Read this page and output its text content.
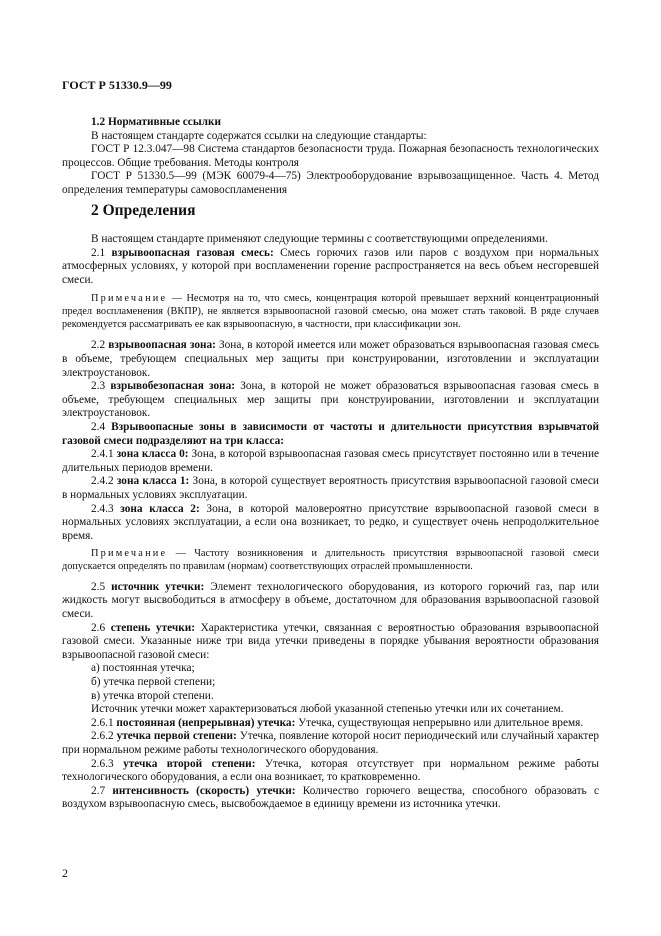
ГОСТ Р 51330.9—99
1.2 Нормативные ссылки
В настоящем стандарте содержатся ссылки на следующие стандарты:
ГОСТ Р 12.3.047—98 Система стандартов безопасности труда. Пожарная безопасность технологических процессов. Общие требования. Методы контроля
ГОСТ Р 51330.5—99 (МЭК 60079-4—75) Электрооборудование взрывозащищенное. Часть 4. Метод определения температуры самовоспламенения
2 Определения
В настоящем стандарте применяют следующие термины с соответствующими определениями.
2.1 взрывоопасная газовая смесь: Смесь горючих газов или паров с воздухом при нормальных атмосферных условиях, у которой при воспламенении горение распространяется на весь объем несгоревшей смеси.
Примечание — Несмотря на то, что смесь, концентрация которой превышает верхний концентрационный предел воспламенения (ВКПР), не является взрывоопасной газовой смесью, она может стать таковой. В ряде случаев рекомендуется рассматривать ее как взрывоопасную, в частности, при классификации зон.
2.2 взрывоопасная зона: Зона, в которой имеется или может образоваться взрывоопасная газовая смесь в объеме, требующем специальных мер защиты при конструировании, изготовлении и эксплуатации электроустановок.
2.3 взрывобезопасная зона: Зона, в которой не может образоваться взрывоопасная газовая смесь в объеме, требующем специальных мер защиты при конструировании, изготовлении и эксплуатации электроустановок.
2.4 Взрывоопасные зоны в зависимости от частоты и длительности присутствия взрывчатой газовой смеси подразделяют на три класса:
2.4.1 зона класса 0: Зона, в которой взрывоопасная газовая смесь присутствует постоянно или в течение длительных периодов времени.
2.4.2 зона класса 1: Зона, в которой существует вероятность присутствия взрывоопасной газовой смеси в нормальных условиях эксплуатации.
2.4.3 зона класса 2: Зона, в которой маловероятно присутствие взрывоопасной газовой смеси в нормальных условиях эксплуатации, а если она возникает, то редко, и существует очень непродолжительное время.
Примечание — Частоту возникновения и длительность присутствия взрывоопасной газовой смеси допускается определять по правилам (нормам) соответствующих отраслей промышленности.
2.5 источник утечки: Элемент технологического оборудования, из которого горючий газ, пар или жидкость могут высвободиться в атмосферу в объеме, достаточном для образования взрывоопасной газовой смеси.
2.6 степень утечки: Характеристика утечки, связанная с вероятностью образования взрывоопасной газовой смеси. Указанные ниже три вида утечки приведены в порядке убывания вероятности образования взрывоопасной газовой смеси:
а) постоянная утечка;
б) утечка первой степени;
в) утечка второй степени.
Источник утечки может характеризоваться любой указанной степенью утечки или их сочетанием.
2.6.1 постоянная (непрерывная) утечка: Утечка, существующая непрерывно или длительное время.
2.6.2 утечка первой степени: Утечка, появление которой носит периодический или случайный характер при нормальном режиме работы технологического оборудования.
2.6.3 утечка второй степени: Утечка, которая отсутствует при нормальном режиме работы технологического оборудования, а если она возникает, то кратковременно.
2.7 интенсивность (скорость) утечки: Количество горючего вещества, способного образовать с воздухом взрывоопасную смесь, высвобождаемое в единицу времени из источника утечки.
2
